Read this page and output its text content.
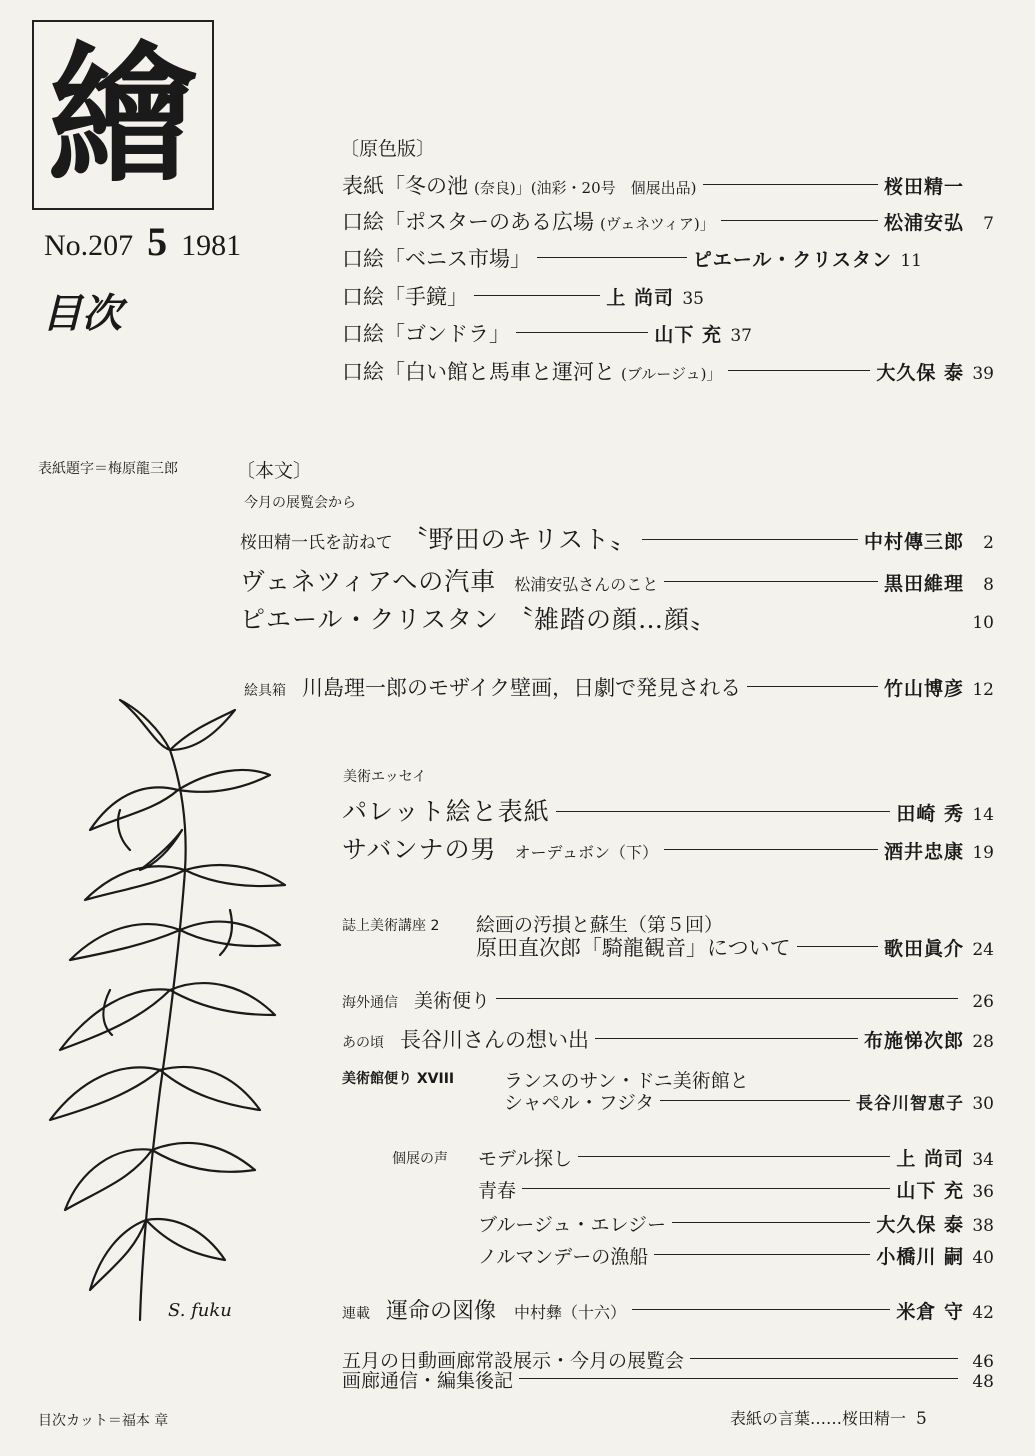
繪
No.207 5 1981
目次
〔原色版〕
表紙「冬の池 (奈良)」(油彩・20号　個展出品)	桜田精一
口絵「ポスターのある広場 (ヴェネツィア)」	松浦安弘	7
口絵「ベニス市場」	ピエール・クリスタン 11
口絵「手鏡」	上 尚司 35
口絵「ゴンドラ」	山下 充 37
口絵「白い館と馬車と運河と (ブルージュ)」	大久保 泰 39
表紙題字＝梅原龍三郎	〔本文〕
今月の展覧会から
桜田精一氏を訪ねて 〝野田のキリスト〟	中村傳三郎	2
ヴェネツィアへの汽車 松浦安弘さんのこと	黒田維理	8
ピエール・クリスタン 〝雑踏の顔…顔〟	10
絵具箱 川島理一郎のモザイク壁画，日劇で発見される	竹山博彦 12
美術エッセイ
パレット絵と表紙	田崎 秀 14
サバンナの男 オーデュボン（下）	酒井忠康 19
誌上美術講座 2 絵画の汚損と蘇生（第５回）
原田直次郎「騎龍観音」について	歌田眞介 24
海外通信 美術便り	26
あの頃 長谷川さんの想い出	布施悌次郎 28
美術館便り XVIII	ランスのサン・ドニ美術館と
シャペル・フジタ	長谷川智恵子 30
個展の声 モデル探し	上 尚司 34
青春	山下 充 36
ブルージュ・エレジー	大久保 泰 38
ノルマンデーの漁船	小橋川 嗣 40
連載 運命の図像 中村彝（十六）	米倉 守 42
五月の日動画廊常設展示・今月の展覧会	46
画廊通信・編集後記	48
S. fuku
目次カット＝福本 章	表紙の言葉……桜田精一 5
